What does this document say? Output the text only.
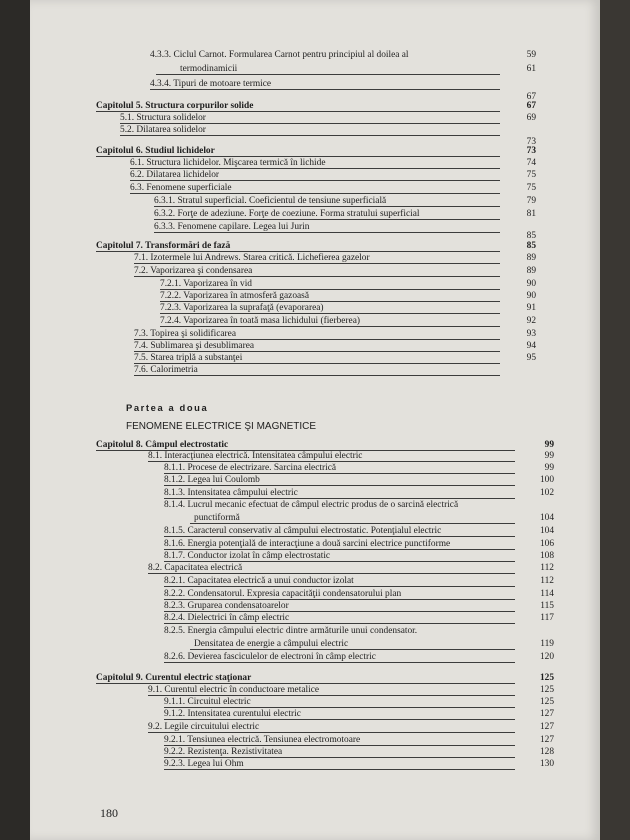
4.3.3. Ciclul Carnot. Formularea Carnot pentru principiul al doilea al	59
termodinamicii	61
4.3.4. Tipuri de motoare termice
67
Capitolul 5. Structura corpurilor solide	67
5.1. Structura solidelor	69
5.2. Dilatarea solidelor
73
Capitolul 6. Studiul lichidelor	73
6.1. Structura lichidelor. Mişcarea termică în lichide	74
6.2. Dilatarea lichidelor	75
6.3. Fenomene superficiale	75
6.3.1. Stratul superficial. Coeficientul de tensiune superficială	79
6.3.2. Forţe de adeziune. Forţe de coeziune. Forma stratului superficial	81
6.3.3. Fenomene capilare. Legea lui Jurin
85
Capitolul 7. Transformări de fază	85
7.1. Izotermele lui Andrews. Starea critică. Lichefierea gazelor	89
7.2. Vaporizarea şi condensarea	89
7.2.1. Vaporizarea în vid	90
7.2.2. Vaporizarea în atmosferă gazoasă	90
7.2.3. Vaporizarea la suprafaţă (evaporarea)	91
7.2.4. Vaporizarea în toată masa lichidului (fierberea)	92
7.3. Topirea şi solidificarea	93
7.4. Sublimarea şi desublimarea	94
7.5. Starea triplă a substanţei	95
7.6. Calorimetria
Partea a doua
FENOMENE ELECTRICE ŞI MAGNETICE
Capitolul 8. Câmpul electrostatic	99
8.1. Interacţiunea electrică. Intensitatea câmpului electric	99
8.1.1. Procese de electrizare. Sarcina electrică	99
8.1.2. Legea lui Coulomb	100
8.1.3. Intensitatea câmpului electric	102
8.1.4. Lucrul mecanic efectuat de câmpul electric produs de o sarcină electrică
punctiformă	104
8.1.5. Caracterul conservativ al câmpului electrostatic. Potenţialul electric	104
8.1.6. Energia potenţială de interacţiune a două sarcini electrice punctiforme	106
8.1.7. Conductor izolat în câmp electrostatic	108
8.2. Capacitatea electrică	112
8.2.1. Capacitatea electrică a unui conductor izolat	112
8.2.2. Condensatorul. Expresia capacităţii condensatorului plan	114
8.2.3. Gruparea condensatoarelor	115
8.2.4. Dielectrici în câmp electric	117
8.2.5. Energia câmpului electric dintre armăturile unui condensator.
Densitatea de energie a câmpului electric	119
8.2.6. Devierea fasciculelor de electroni în câmp electric	120
Capitolul 9. Curentul electric staţionar	125
9.1. Curentul electric în conductoare metalice	125
9.1.1. Circuitul electric	125
9.1.2. Intensitatea curentului electric	127
9.2. Legile circuitului electric	127
9.2.1. Tensiunea electrică. Tensiunea electromotoare	127
9.2.2. Rezistenţa. Rezistivitatea	128
9.2.3. Legea lui Ohm	130
180
